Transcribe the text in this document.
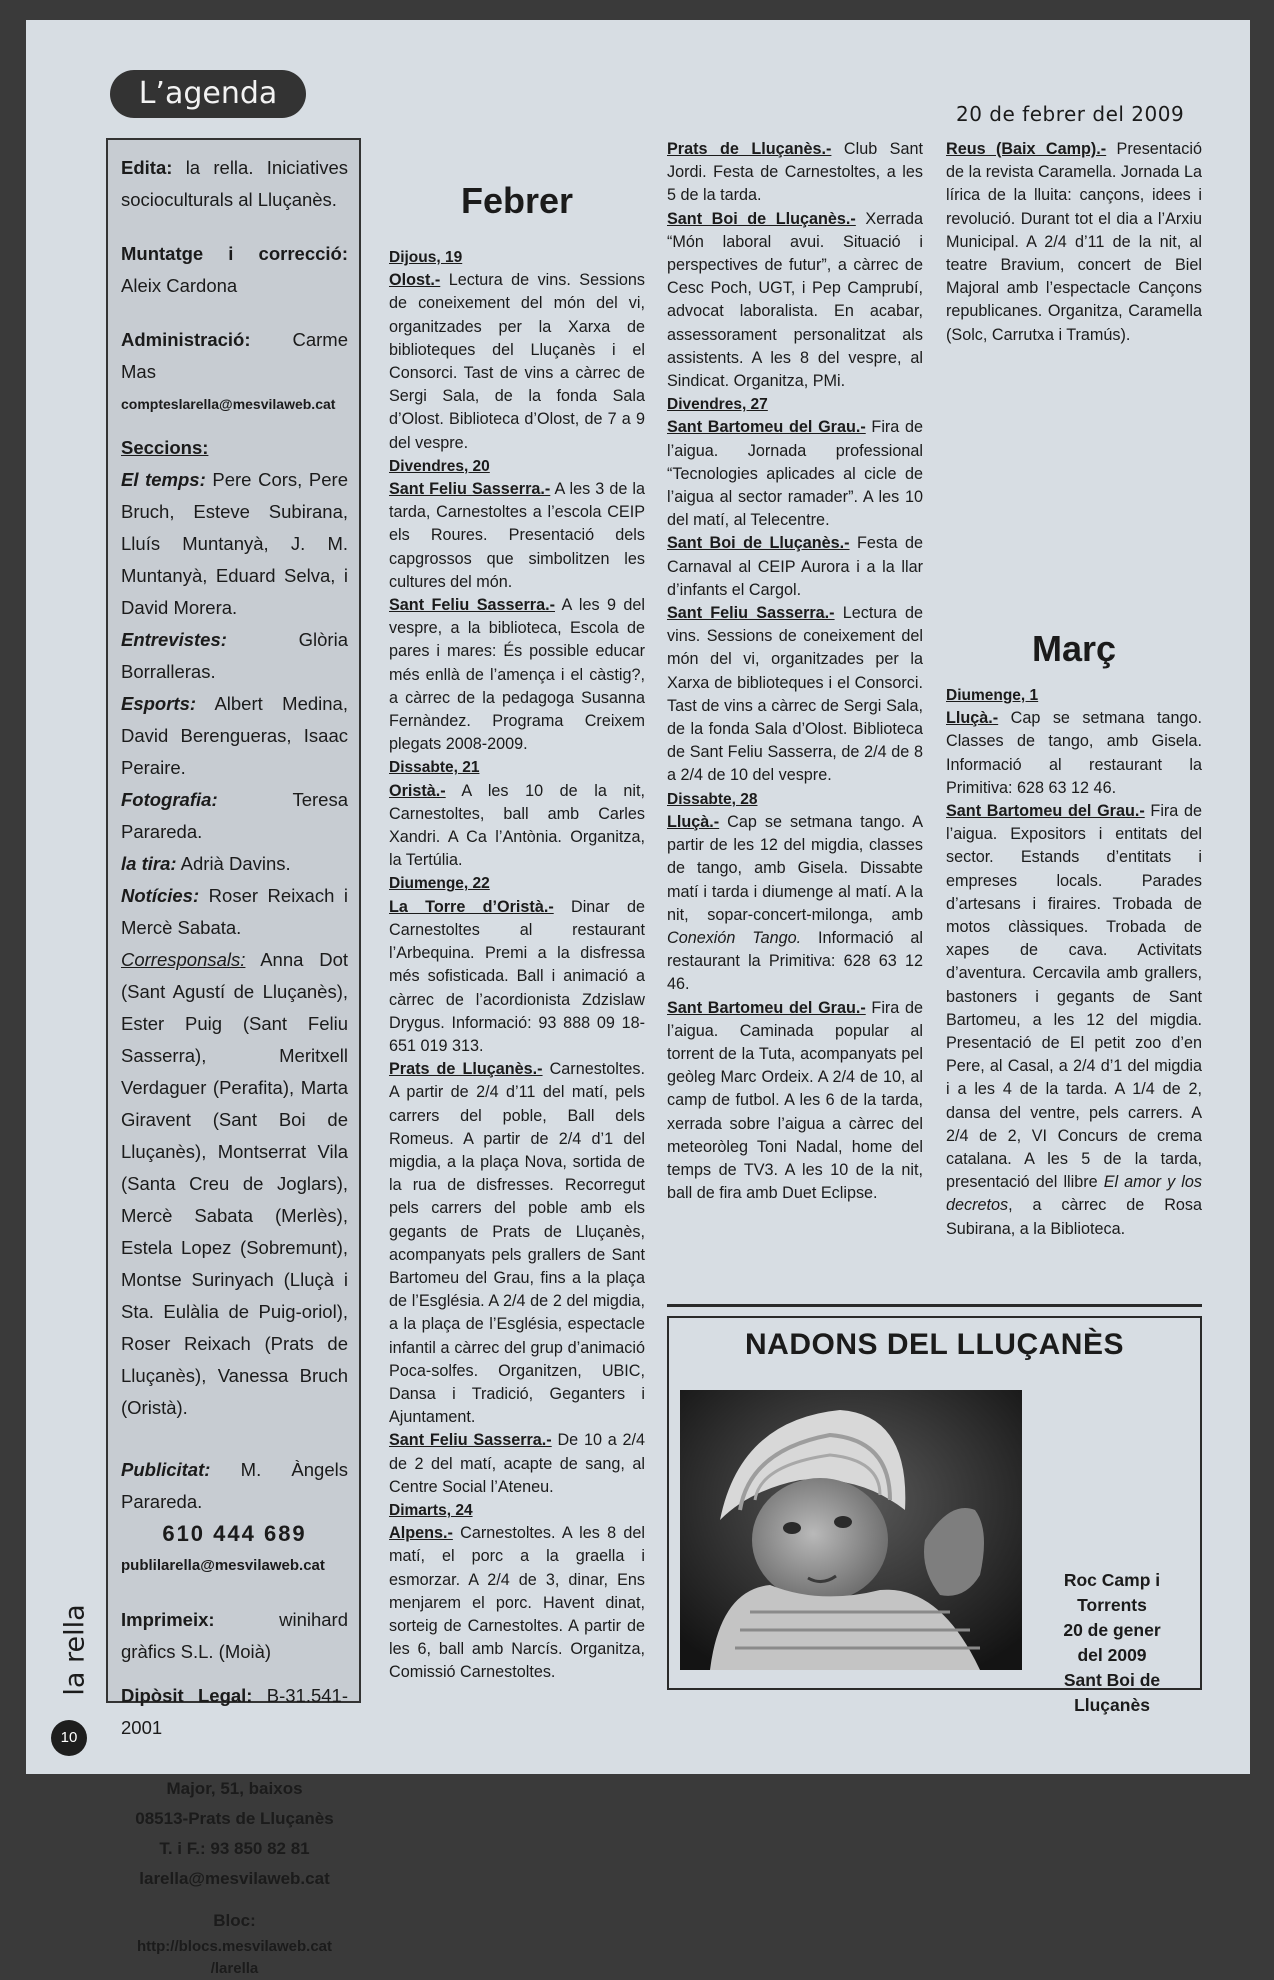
L’agenda
20 de febrer del 2009

Edita: la rella. Iniciatives socioculturals al Lluçanès.

Muntatge i correcció: Aleix Cardona

Administració: Carme Mas

compteslarella@mesvilaweb.cat

Seccions:

El temps: Pere Cors, Pere Bruch, Esteve Subirana, Lluís Muntanyà, J. M. Muntanyà, Eduard Selva, i David Morera.

Entrevistes:	Glòria Borralleras.

Esports: Albert Medina, David Berengueras, Isaac Peraire.

Fotografia:	Teresa Parareda.

la tira: Adrià Davins.

Notícies: Roser Reixach i Mercè Sabata.

Corresponsals: Anna Dot (Sant Agustí de Lluçanès), Ester Puig (Sant Feliu Sasserra), Meritxell Verdaguer (Perafita), Marta Giravent (Sant Boi de Lluçanès), Montserrat Vila (Santa Creu de Joglars), Mercè Sabata (Merlès), Estela Lopez (Sobremunt), Montse Surinyach (Lluçà i Sta. Eulàlia de Puig-oriol), Roser Reixach (Prats de Lluçanès), Vanessa Bruch (Oristà).

Publicitat: M. Àngels Parareda.

610 444 689

publilarella@mesvilaweb.cat

Imprimeix:	winihard gràfics S.L. (Moià)

Dipòsit Legal: B-31.541-2001

Major, 51, baixos

08513-Prats de Lluçanès

T. i F.: 93 850 82 81

larella@mesvilaweb.cat

Bloc:

http://blocs.mesvilaweb.cat

/larella

la rella
10
Febrer
Dijous, 19

Olost.- Lectura de vins. Sessions de coneixement del món del vi, organitzades per la Xarxa de biblioteques del Lluçanès i el Consorci. Tast de vins a càrrec de Sergi Sala, de la fonda Sala d’Olost. Biblioteca d’Olost, de 7 a 9 del vespre.

Divendres, 20

Sant Feliu Sasserra.- A les 3 de la tarda, Carnestoltes a l’escola CEIP els Roures. Presentació dels capgrossos que simbolitzen les cultures del món.

Sant Feliu Sasserra.- A les 9 del vespre, a la biblioteca, Escola de pares i mares: És possible educar més enllà de l’amença i el càstig?, a càrrec de la pedagoga Susanna Fernàndez. Programa Creixem plegats 2008-2009.

Dissabte, 21

Oristà.- A les 10 de la nit, Carnestoltes, ball amb Carles Xandri. A Ca l’Antònia. Organitza, la Tertúlia.

Diumenge, 22

La Torre d’Oristà.- Dinar de Carnestoltes al restaurant l’Arbequina. Premi a la disfressa més sofisticada. Ball i animació a càrrec de l’acordionista Zdzislaw Drygus. Informació: 93 888 09 18-651 019 313.

Prats de Lluçanès.- Carnestoltes. A partir de 2/4 d’11 del matí, pels carrers del poble, Ball dels Romeus. A partir de 2/4 d’1 del migdia, a la plaça Nova, sortida de la rua de disfresses. Recorregut pels carrers del poble amb els gegants de Prats de Lluçanès, acompanyats pels grallers de Sant Bartomeu del Grau, fins a la plaça de l’Església. A 2/4 de 2 del migdia, a la plaça de l’Església, espectacle infantil a càrrec del grup d’animació Poca-solfes. Organitzen, UBIC, Dansa i Tradició, Geganters i Ajuntament.

Sant Feliu Sasserra.- De 10 a 2/4 de 2 del matí, acapte de sang, al Centre Social l’Ateneu.

Dimarts, 24

Alpens.- Carnestoltes. A les 8 del matí, el porc a la graella i esmorzar. A 2/4 de 3, dinar, Ens menjarem el porc. Havent dinat, sorteig de Carnestoltes. A partir de les 6, ball amb Narcís. Organitza, Comissió Carnestoltes.

Prats de Lluçanès.- Club Sant Jordi. Festa de Carnestoltes, a les 5 de la tarda.

Sant Boi de Lluçanès.- Xerrada “Món laboral avui. Situació i perspectives de futur”, a càrrec de Cesc Poch, UGT, i Pep Camprubí, advocat laboralista. En acabar, assessorament personalitzat als assistents. A les 8 del vespre, al Sindicat. Organitza, PMi.

Divendres, 27

Sant Bartomeu del Grau.- Fira de l’aigua. Jornada professional “Tecnologies aplicades al cicle de l’aigua al sector ramader”. A les 10 del matí, al Telecentre.

Sant Boi de Lluçanès.- Festa de Carnaval al CEIP Aurora i a la llar d’infants el Cargol.

Sant Feliu Sasserra.- Lectura de vins. Sessions de coneixement del món del vi, organitzades per la Xarxa de biblioteques i el Consorci. Tast de vins a càrrec de Sergi Sala, de la fonda Sala d’Olost. Biblioteca de Sant Feliu Sasserra, de 2/4 de 8 a 2/4 de 10 del vespre.

Dissabte, 28

Lluçà.- Cap se setmana tango. A partir de les 12 del migdia, classes de tango, amb Gisela. Dissabte matí i tarda i diumenge al matí. A la nit, sopar-concert-milonga, amb Conexión Tango. Informació al restaurant la Primitiva: 628 63 12 46.

Sant Bartomeu del Grau.- Fira de l’aigua. Caminada popular al torrent de la Tuta, acompanyats pel geòleg Marc Ordeix. A 2/4 de 10, al camp de futbol. A les 6 de la tarda, xerrada sobre l’aigua a càrrec del meteoròleg Toni Nadal, home del temps de TV3. A les 10 de la nit, ball de fira amb Duet Eclipse.

Reus (Baix Camp).- Presentació de la revista Caramella. Jornada La lírica de la lluita: cançons, idees i revolució. Durant tot el dia a l’Arxiu Municipal. A 2/4 d’11 de la nit, al teatre Bravium, concert de Biel Majoral amb l’espectacle Cançons republicanes. Organitza, Caramella (Solc, Carrutxa i Tramús).

Març
Diumenge, 1

Lluçà.- Cap se setmana tango. Classes de tango, amb Gisela. Informació al restaurant la Primitiva: 628 63 12 46.

Sant Bartomeu del Grau.- Fira de l’aigua. Expositors i entitats del sector. Estands d’entitats i empreses locals. Parades d’artesans i firaires. Trobada de motos clàssiques. Trobada de xapes de cava. Activitats d’aventura. Cercavila amb grallers, bastoners i gegants de Sant Bartomeu, a les 12 del migdia. Presentació de El petit zoo d’en Pere, al Casal, a 2/4 d’1 del migdia i a les 4 de la tarda. A 1/4 de 2, dansa del ventre, pels carrers. A 2/4 de 2, VI Concurs de crema catalana. A les 5 de la tarda, presentació del llibre El amor y los decretos, a càrrec de Rosa Subirana, a la Biblioteca.

NADONS DEL LLUÇANÈS
Roc Camp i Torrents
20 de gener
del 2009
Sant Boi de Lluçanès
